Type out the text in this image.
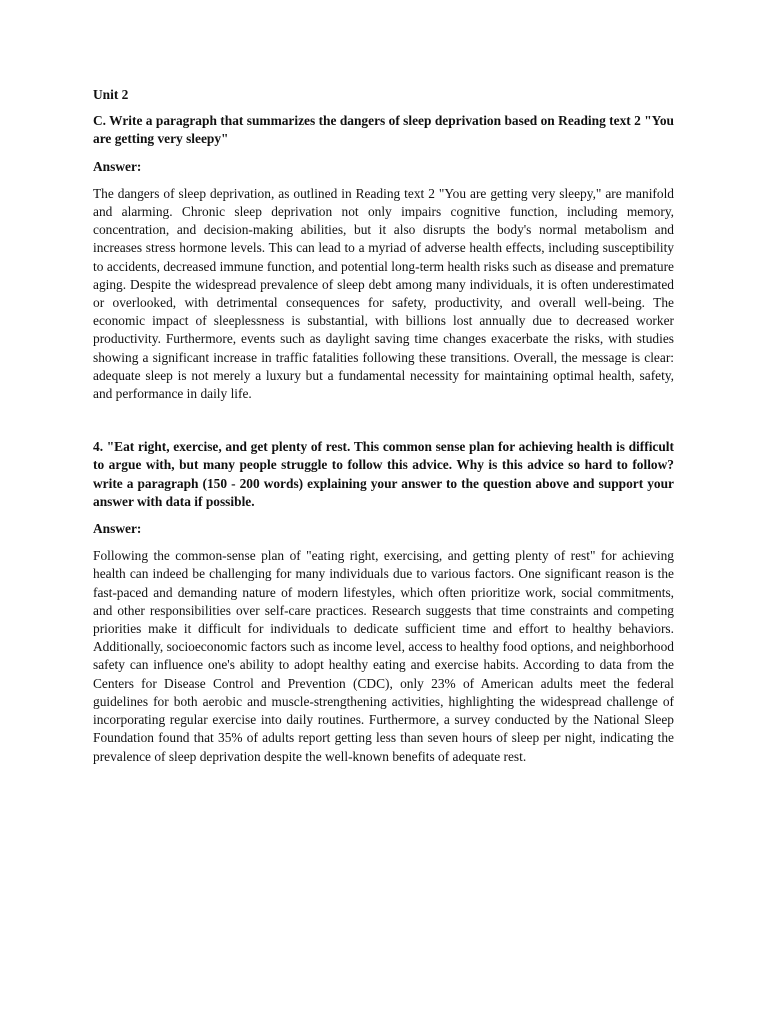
Unit 2

C. Write a paragraph that summarizes the dangers of sleep deprivation based on Reading text 2 "You are getting very sleepy"

Answer:

The dangers of sleep deprivation, as outlined in Reading text 2 "You are getting very sleepy," are manifold and alarming. Chronic sleep deprivation not only impairs cognitive function, including memory, concentration, and decision-making abilities, but it also disrupts the body's normal metabolism and increases stress hormone levels. This can lead to a myriad of adverse health effects, including susceptibility to accidents, decreased immune function, and potential long-term health risks such as disease and premature aging. Despite the widespread prevalence of sleep debt among many individuals, it is often underestimated or overlooked, with detrimental consequences for safety, productivity, and overall well-being. The economic impact of sleeplessness is substantial, with billions lost annually due to decreased worker productivity. Furthermore, events such as daylight saving time changes exacerbate the risks, with studies showing a significant increase in traffic fatalities following these transitions. Overall, the message is clear: adequate sleep is not merely a luxury but a fundamental necessity for maintaining optimal health, safety, and performance in daily life.

4. "Eat right, exercise, and get plenty of rest. This common sense plan for achieving health is difficult to argue with, but many people struggle to follow this advice. Why is this advice so hard to follow? write a paragraph (150 - 200 words) explaining your answer to the question above and support your answer with data if possible.

Answer:

Following the common-sense plan of "eating right, exercising, and getting plenty of rest" for achieving health can indeed be challenging for many individuals due to various factors. One significant reason is the fast-paced and demanding nature of modern lifestyles, which often prioritize work, social commitments, and other responsibilities over self-care practices. Research suggests that time constraints and competing priorities make it difficult for individuals to dedicate sufficient time and effort to healthy behaviors. Additionally, socioeconomic factors such as income level, access to healthy food options, and neighborhood safety can influence one's ability to adopt healthy eating and exercise habits. According to data from the Centers for Disease Control and Prevention (CDC), only 23% of American adults meet the federal guidelines for both aerobic and muscle-strengthening activities, highlighting the widespread challenge of incorporating regular exercise into daily routines. Furthermore, a survey conducted by the National Sleep Foundation found that 35% of adults report getting less than seven hours of sleep per night, indicating the prevalence of sleep deprivation despite the well-known benefits of adequate rest.
